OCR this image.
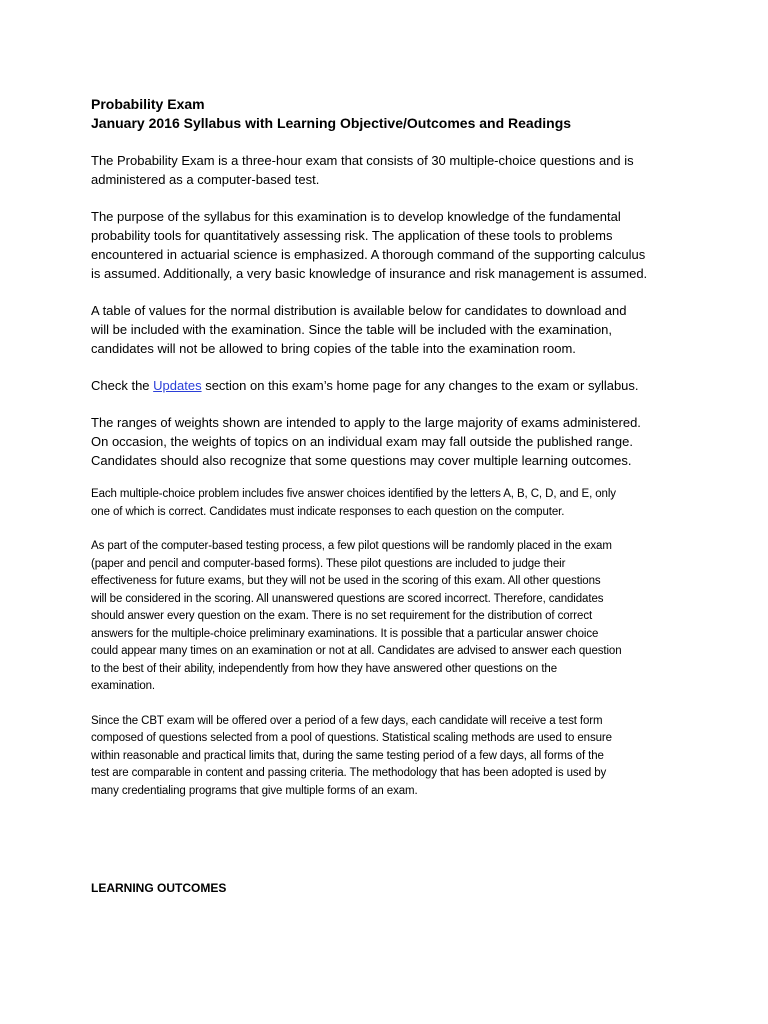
Probability Exam

January 2016 Syllabus with Learning Objective/Outcomes and Readings

The Probability Exam is a three-hour exam that consists of 30 multiple-choice questions and is

administered as a computer-based test.

The purpose of the syllabus for this examination is to develop knowledge of the fundamental

probability tools for quantitatively assessing risk. The application of these tools to problems

encountered in actuarial science is emphasized. A thorough command of the supporting calculus

is assumed. Additionally, a very basic knowledge of insurance and risk management is assumed.

A table of values for the normal distribution is available below for candidates to download and

will be included with the examination. Since the table will be included with the examination,

candidates will not be allowed to bring copies of the table into the examination room.

Check the Updates section on this exam’s home page for any changes to the exam or syllabus.

The ranges of weights shown are intended to apply to the large majority of exams administered.

On occasion, the weights of topics on an individual exam may fall outside the published range.

Candidates should also recognize that some questions may cover multiple learning outcomes.

Each multiple-choice problem includes five answer choices identified by the letters A, B, C, D, and E, only

one of which is correct. Candidates must indicate responses to each question on the computer.

As part of the computer-based testing process, a few pilot questions will be randomly placed in the exam

(paper and pencil and computer-based forms). These pilot questions are included to judge their

effectiveness for future exams, but they will not be used in the scoring of this exam. All other questions

will be considered in the scoring. All unanswered questions are scored incorrect. Therefore, candidates

should answer every question on the exam. There is no set requirement for the distribution of correct

answers for the multiple-choice preliminary examinations. It is possible that a particular answer choice

could appear many times on an examination or not at all. Candidates are advised to answer each question

to the best of their ability, independently from how they have answered other questions on the

examination.

Since the CBT exam will be offered over a period of a few days, each candidate will receive a test form

composed of questions selected from a pool of questions. Statistical scaling methods are used to ensure

within reasonable and practical limits that, during the same testing period of a few days, all forms of the

test are comparable in content and passing criteria. The methodology that has been adopted is used by

many credentialing programs that give multiple forms of an exam.

LEARNING OUTCOMES
